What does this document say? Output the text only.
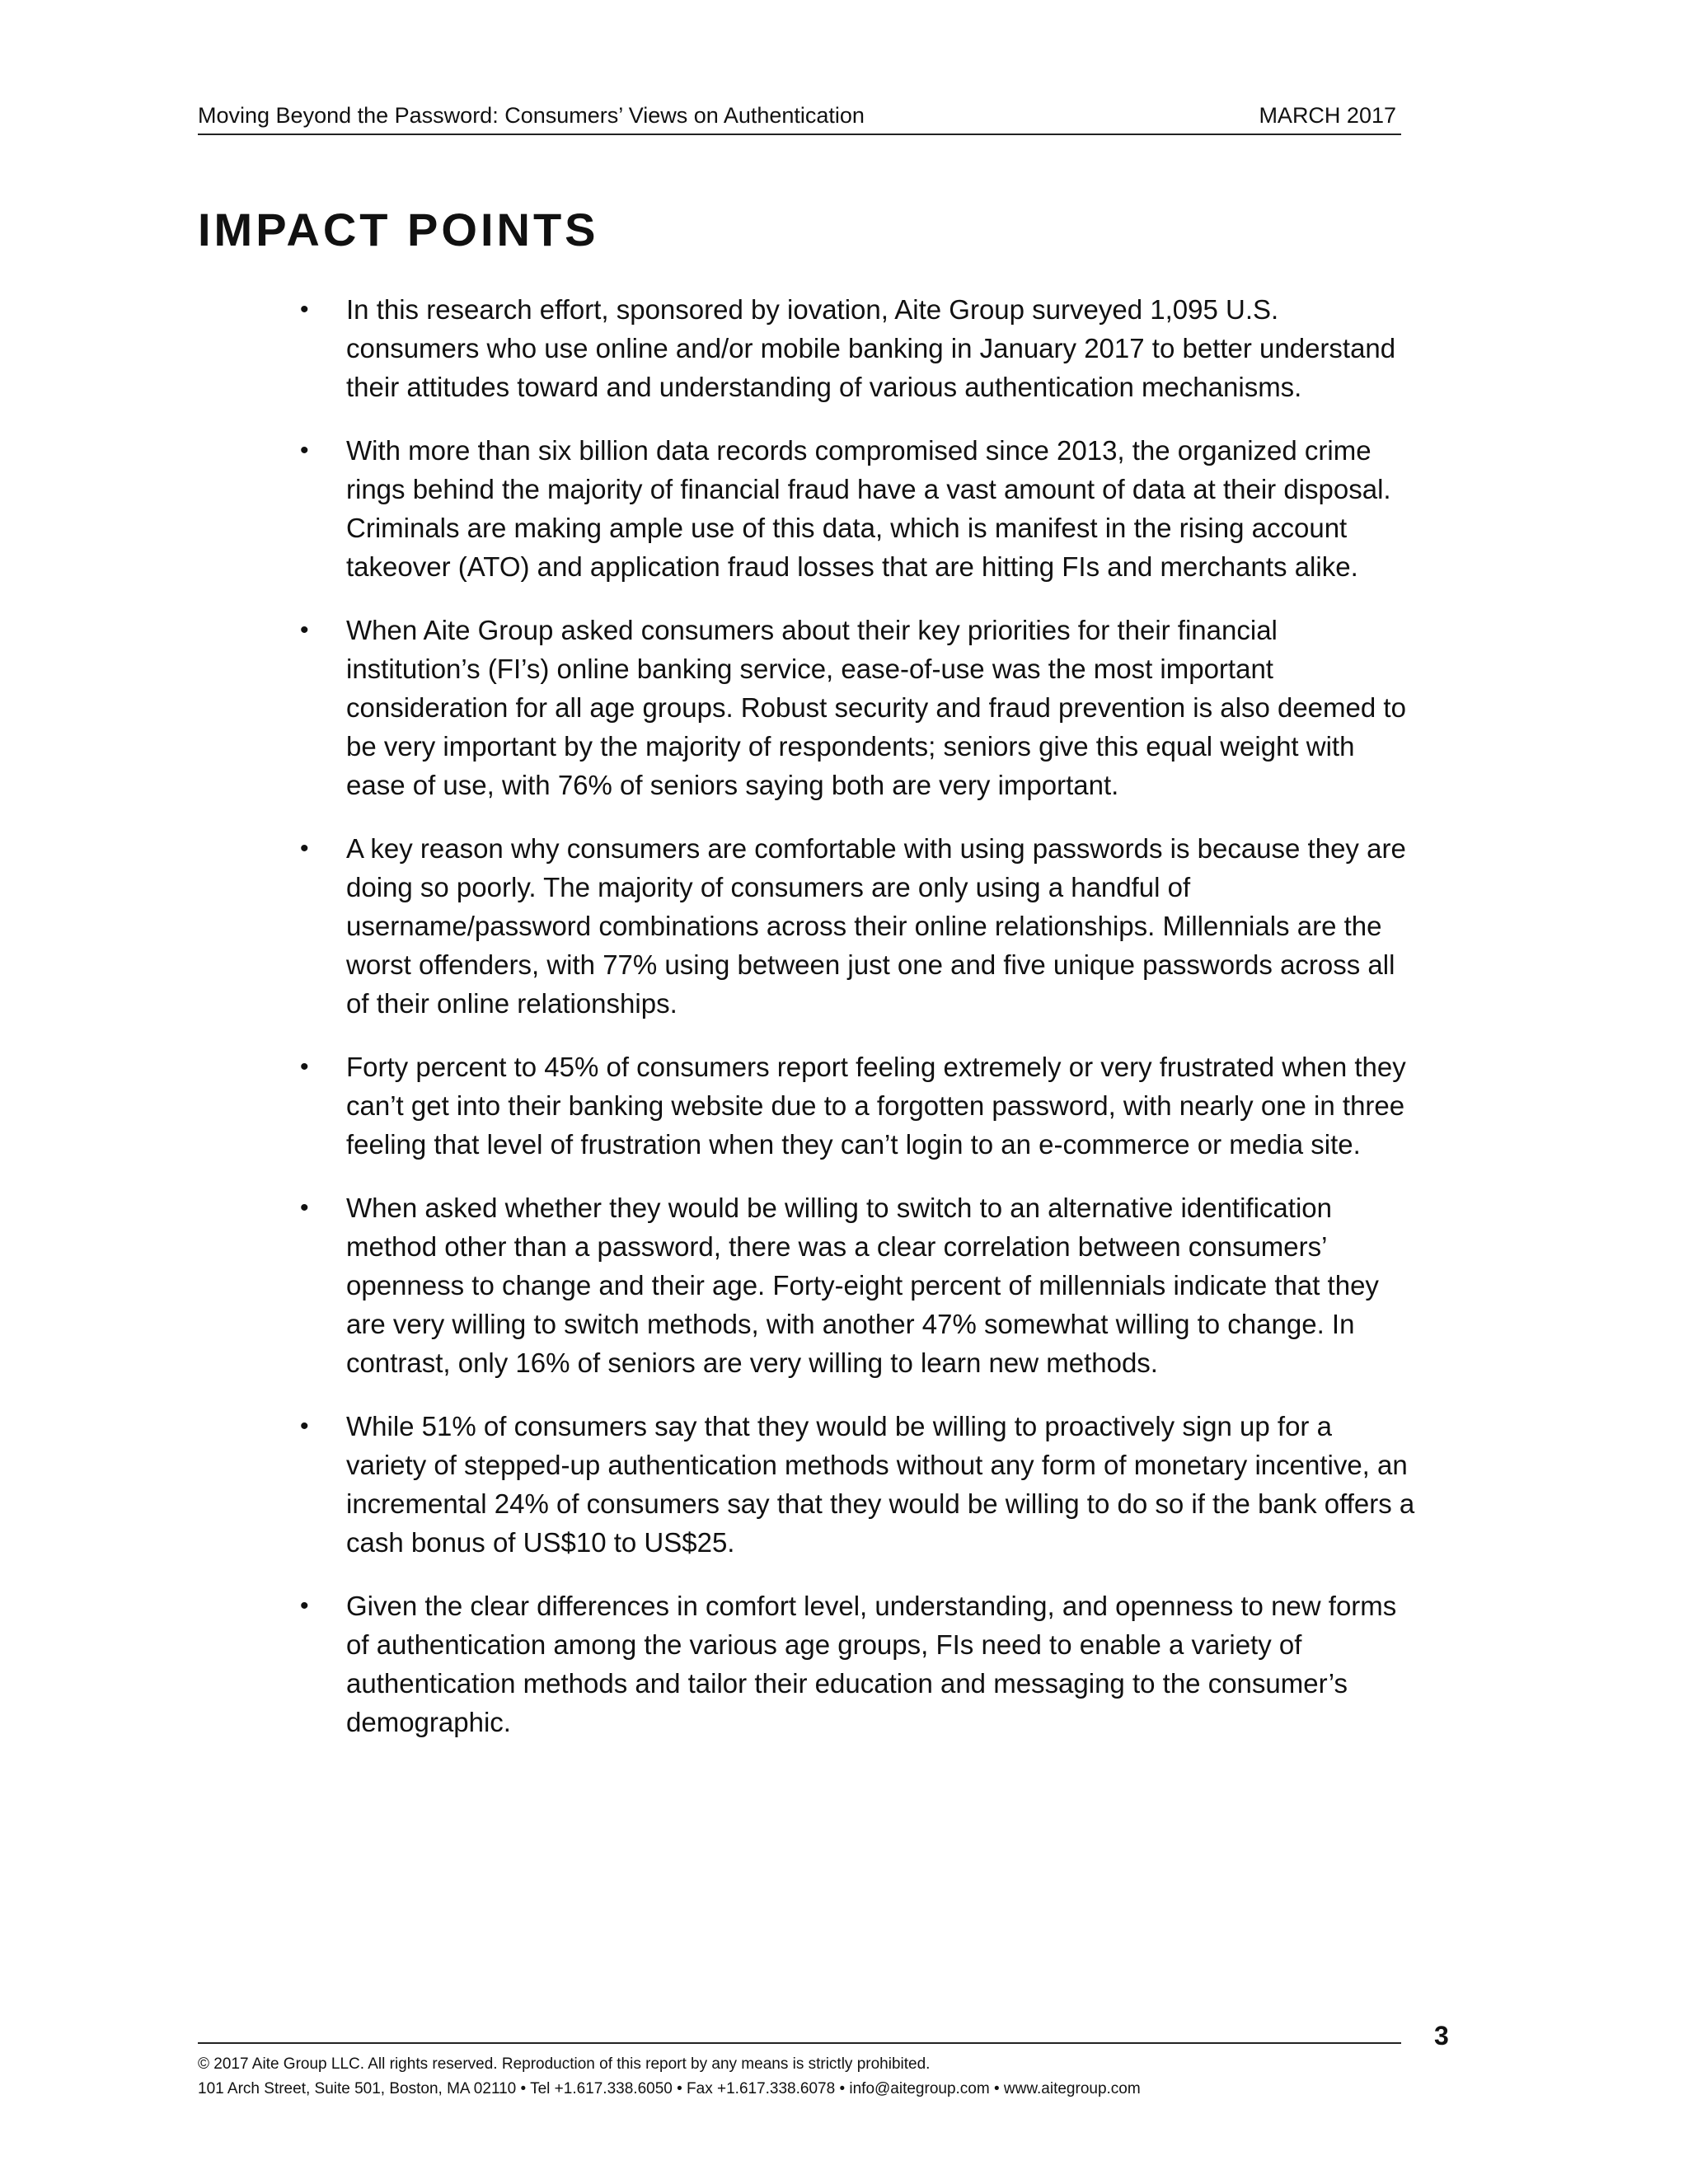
Moving Beyond the Password: Consumers’ Views on Authentication	MARCH 2017
IMPACT POINTS
• In this research effort, sponsored by iovation, Aite Group surveyed 1,095 U.S. consumers who use online and/or mobile banking in January 2017 to better understand their attitudes toward and understanding of various authentication mechanisms.
• With more than six billion data records compromised since 2013, the organized crime rings behind the majority of financial fraud have a vast amount of data at their disposal. Criminals are making ample use of this data, which is manifest in the rising account takeover (ATO) and application fraud losses that are hitting FIs and merchants alike.
• When Aite Group asked consumers about their key priorities for their financial institution’s (FI’s) online banking service, ease-of-use was the most important consideration for all age groups. Robust security and fraud prevention is also deemed to be very important by the majority of respondents; seniors give this equal weight with ease of use, with 76% of seniors saying both are very important.
• A key reason why consumers are comfortable with using passwords is because they are doing so poorly. The majority of consumers are only using a handful of username/password combinations across their online relationships. Millennials are the worst offenders, with 77% using between just one and five unique passwords across all of their online relationships.
• Forty percent to 45% of consumers report feeling extremely or very frustrated when they can’t get into their banking website due to a forgotten password, with nearly one in three feeling that level of frustration when they can’t login to an e-commerce or media site.
• When asked whether they would be willing to switch to an alternative identification method other than a password, there was a clear correlation between consumers’ openness to change and their age. Forty-eight percent of millennials indicate that they are very willing to switch methods, with another 47% somewhat willing to change. In contrast, only 16% of seniors are very willing to learn new methods.
• While 51% of consumers say that they would be willing to proactively sign up for a variety of stepped-up authentication methods without any form of monetary incentive, an incremental 24% of consumers say that they would be willing to do so if the bank offers a cash bonus of US$10 to US$25.
• Given the clear differences in comfort level, understanding, and openness to new forms of authentication among the various age groups, FIs need to enable a variety of authentication methods and tailor their education and messaging to the consumer’s demographic.
3
© 2017 Aite Group LLC. All rights reserved. Reproduction of this report by any means is strictly prohibited.
101 Arch Street, Suite 501, Boston, MA 02110 • Tel +1.617.338.6050 • Fax +1.617.338.6078 • info@aitegroup.com • www.aitegroup.com
